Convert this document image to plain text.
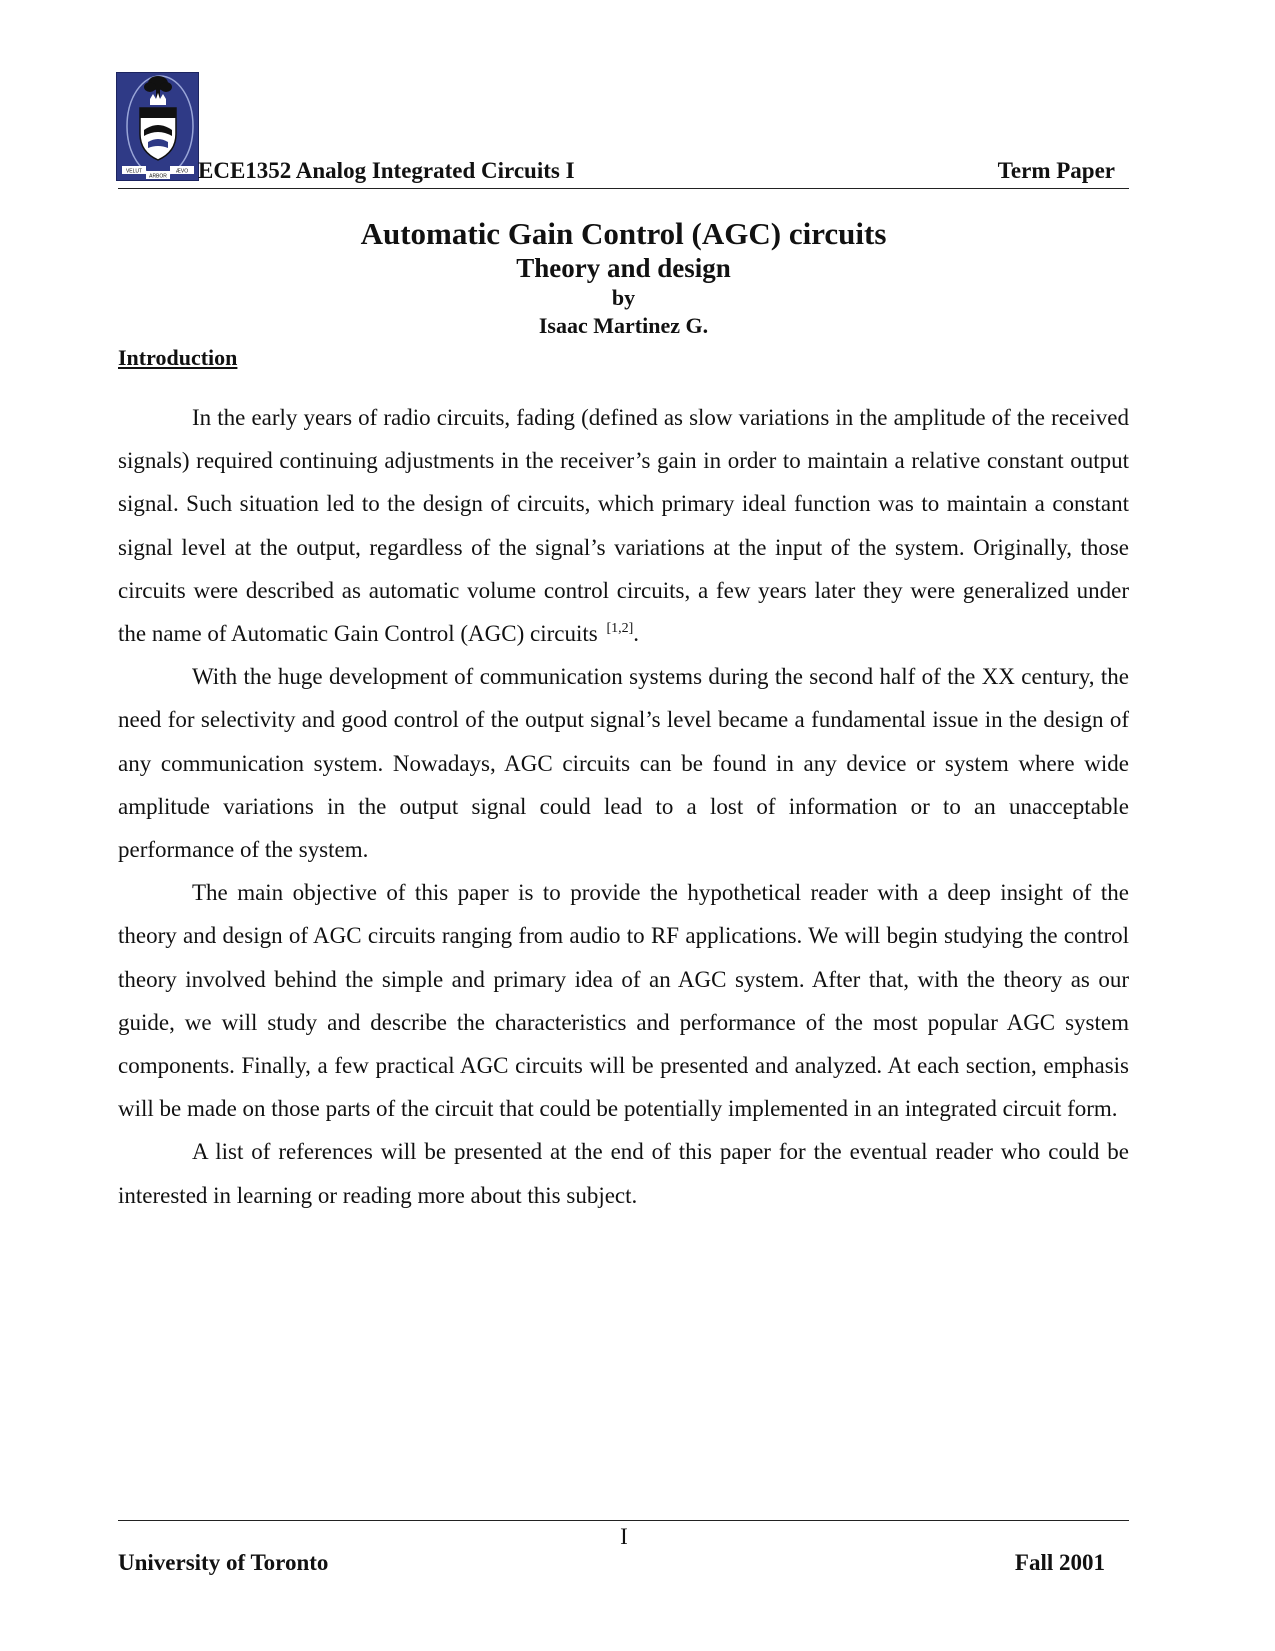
VELUT
ARBOR
ÆVO ECE1352 Analog Integrated Circuits I	Term Paper
Automatic Gain Control (AGC) circuits
Theory and design
by
Isaac Martinez G.
Introduction

In the early years of radio circuits, fading (defined as slow variations in the amplitude of the received signals) required continuing adjustments in the receiver’s gain in order to maintain a relative constant output signal. Such situation led to the design of circuits, which primary ideal function was to maintain a constant signal level at the output, regardless of the signal’s variations at the input of the system. Originally, those circuits were described as automatic volume control circuits, a few years later they were generalized under the name of Automatic Gain Control (AGC) circuits [1,2].

With the huge development of communication systems during the second half of the XX century, the need for selectivity and good control of the output signal’s level became a fundamental issue in the design of any communication system. Nowadays, AGC circuits can be found in any device or system where wide amplitude variations in the output signal could lead to a lost of information or to an unacceptable performance of the system.

The main objective of this paper is to provide the hypothetical reader with a deep insight of the theory and design of AGC circuits ranging from audio to RF applications. We will begin studying the control theory involved behind the simple and primary idea of an AGC system. After that, with the theory as our guide, we will study and describe the characteristics and performance of the most popular AGC system components. Finally, a few practical AGC circuits will be presented and analyzed. At each section, emphasis will be made on those parts of the circuit that could be potentially implemented in an integrated circuit form.

A list of references will be presented at the end of this paper for the eventual reader who could be interested in learning or reading more about this subject.

I
University of Toronto	Fall 2001
